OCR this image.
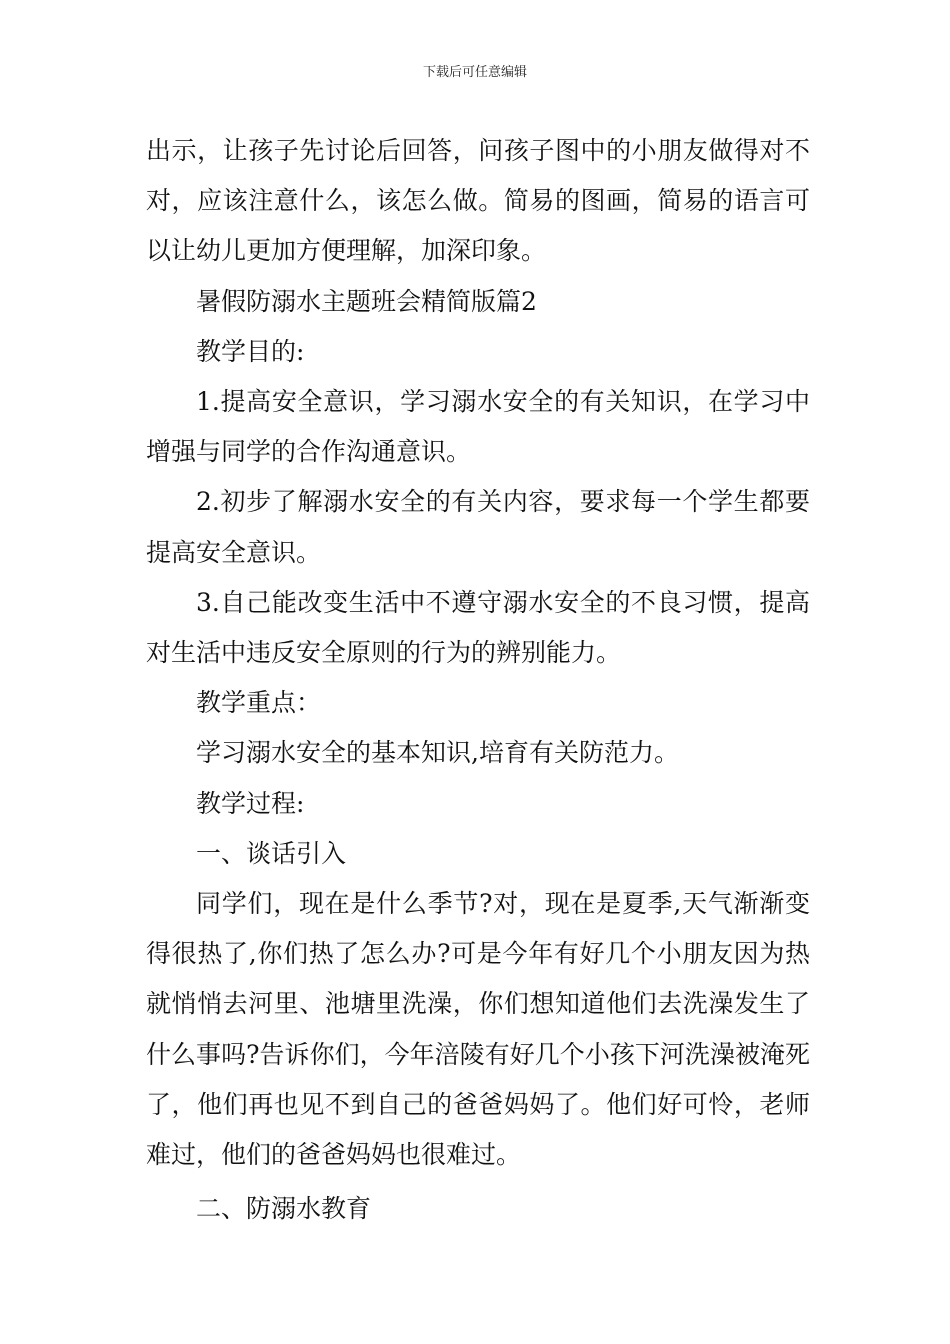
下载后可任意编辑

出示，让孩子先讨论后回答，问孩子图中的小朋友做得对不对，应该注意什么，该怎么做。简易的图画，简易的语言可以让幼儿更加方便理解，加深印象。

暑假防溺水主题班会精简版篇2

教学目的:

1.提高安全意识，学习溺水安全的有关知识，在学习中增强与同学的合作沟通意识。

2.初步了解溺水安全的有关内容，要求每一个学生都要提高安全意识。

3.自己能改变生活中不遵守溺水安全的不良习惯，提高对生活中违反安全原则的行为的辨别能力。

教学重点：

学习溺水安全的基本知识,培育有关防范力。

教学过程:

一、谈话引入

同学们，现在是什么季节?对，现在是夏季,天气渐渐变得很热了,你们热了怎么办?可是今年有好几个小朋友因为热就悄悄去河里、池塘里洗澡，你们想知道他们去洗澡发生了什么事吗?告诉你们，今年涪陵有好几个小孩下河洗澡被淹死了，他们再也见不到自己的爸爸妈妈了。他们好可怜，老师难过，他们的爸爸妈妈也很难过。

二、防溺水教育
